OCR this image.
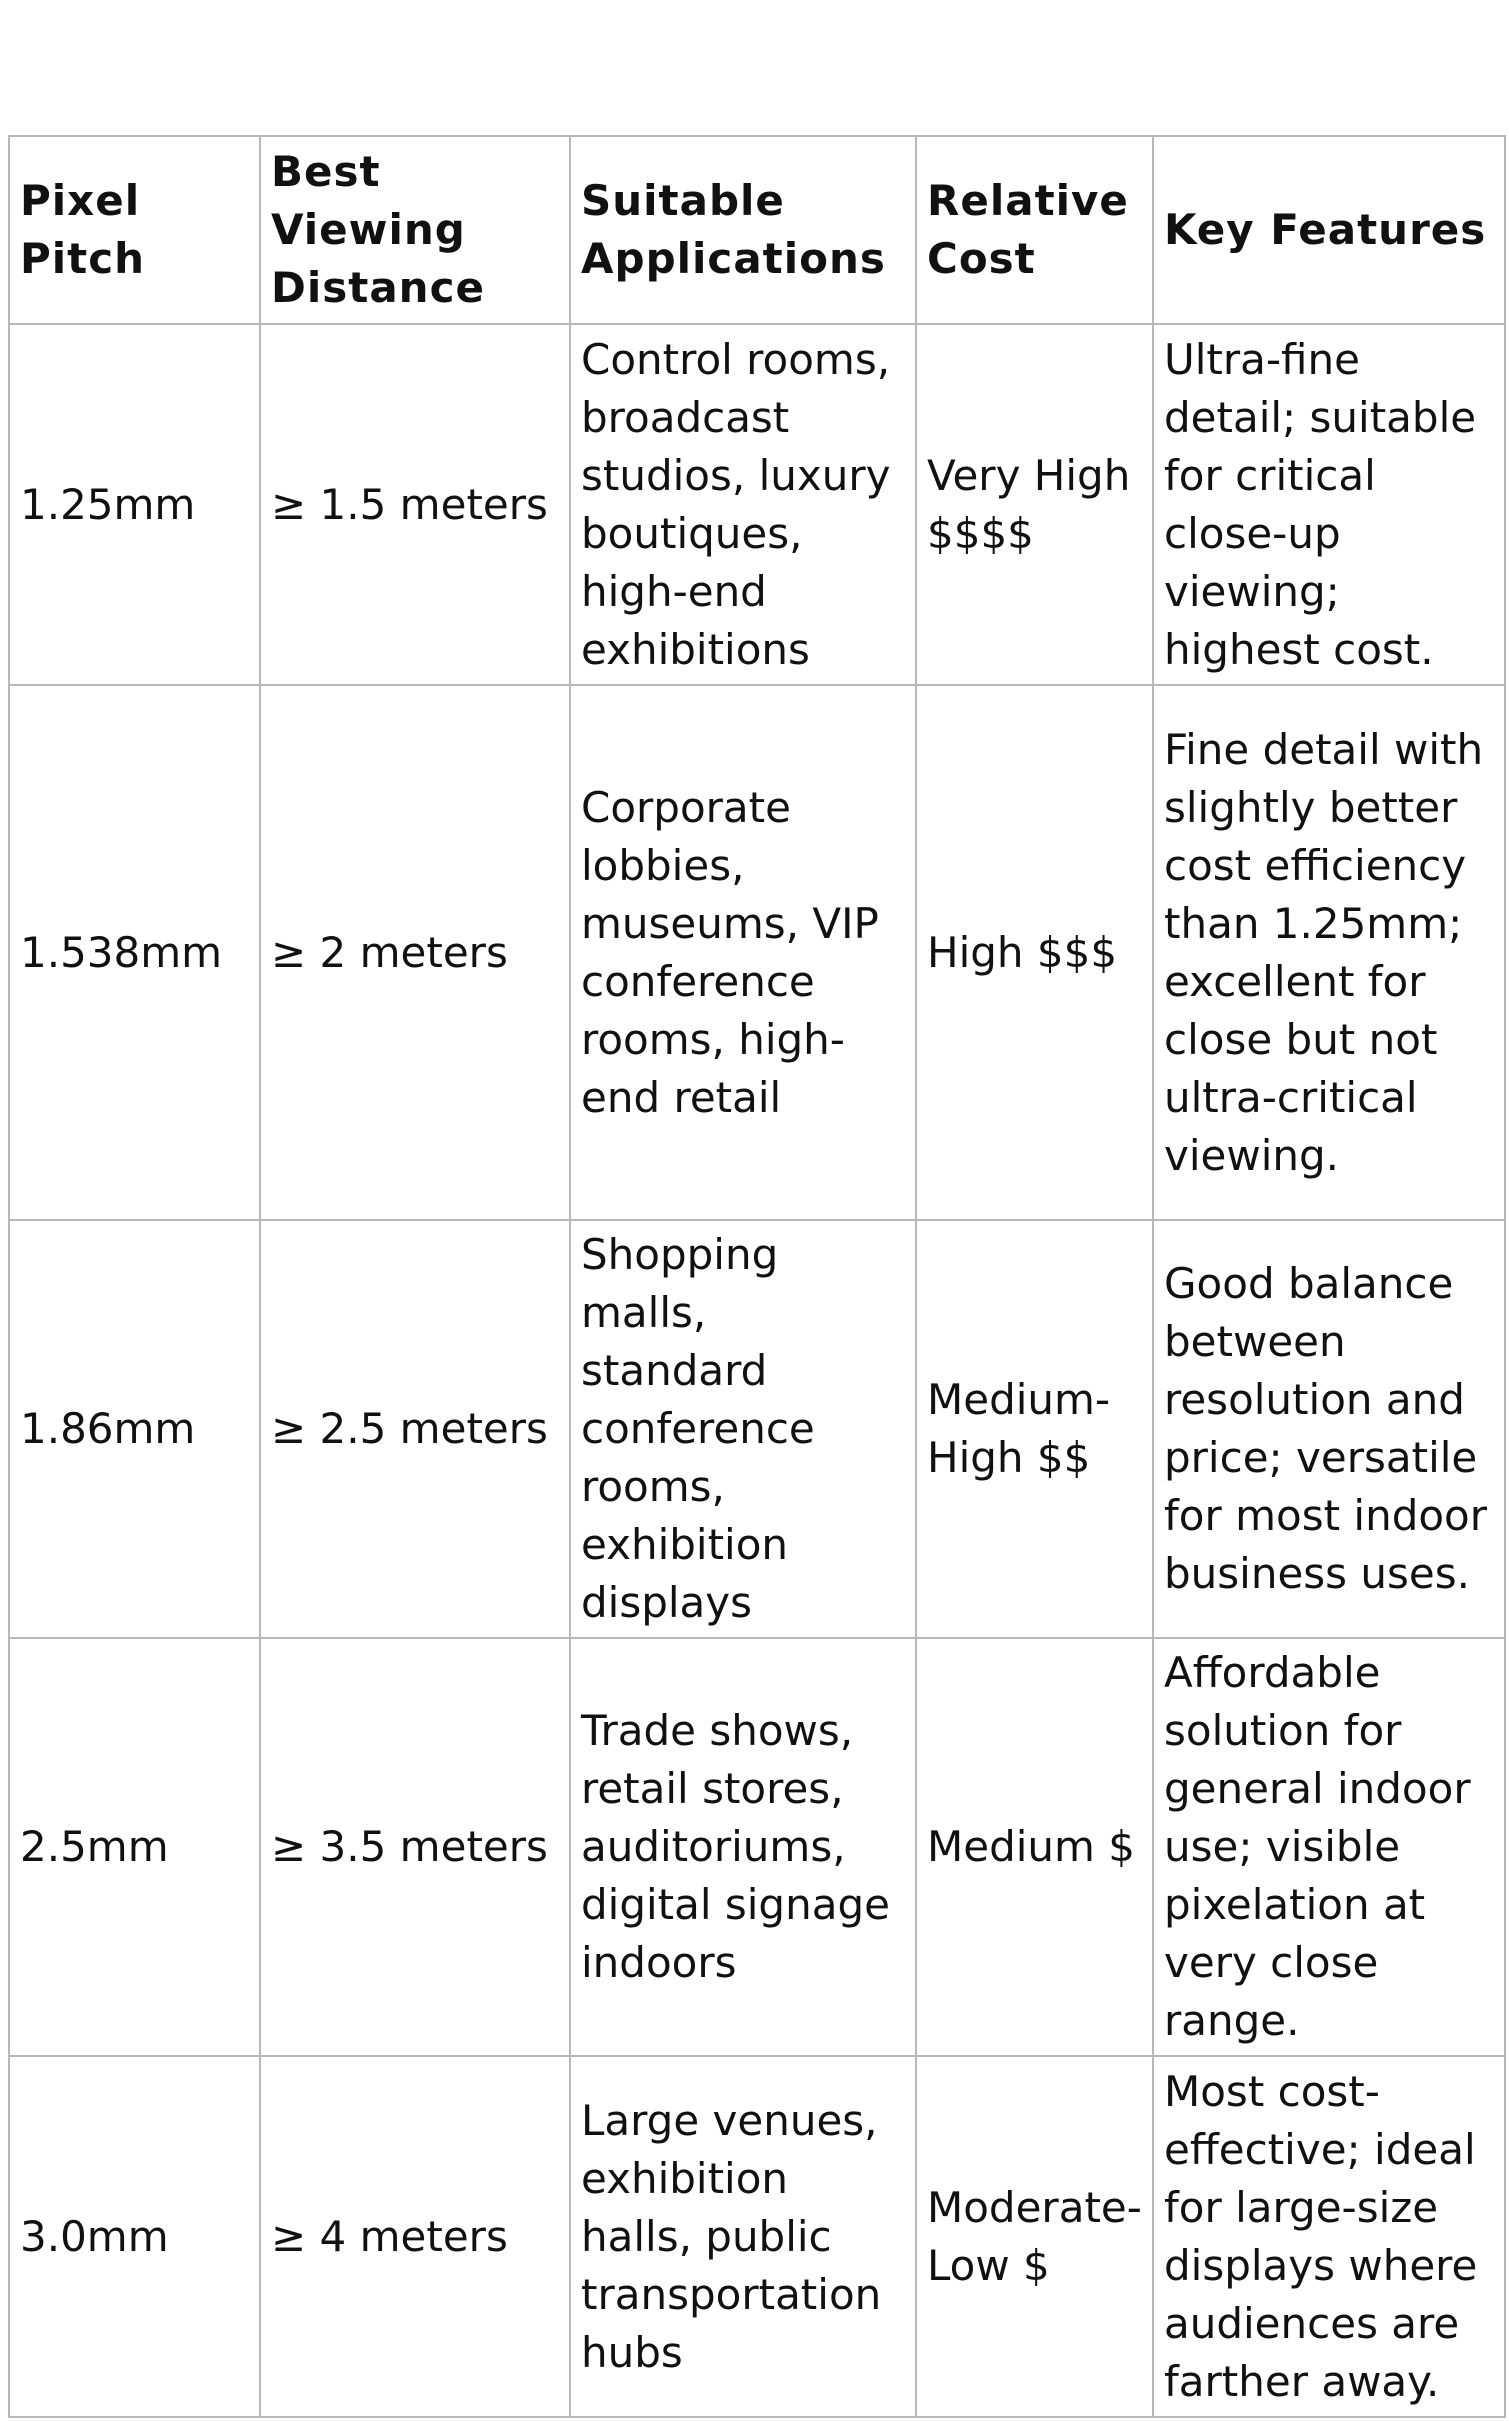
Pixel Pitch	Best Viewing Distance	Suitable Applications	Relative Cost	Key Features
1.25mm	≥ 1.5 meters	Control rooms, broadcast studios, luxury boutiques, high-end exhibitions	Very High $$$$	Ultra-fine detail; suitable for critical close-up viewing; highest cost.
1.538mm	≥ 2 meters	Corporate lobbies, museums, VIP conference rooms, high-end retail	High $$$	Fine detail with slightly better cost efficiency than 1.25mm; excellent for close but not ultra-critical viewing.
1.86mm	≥ 2.5 meters	Shopping malls, standard conference rooms, exhibition displays	Medium-High $$	Good balance between resolution and price; versatile for most indoor business uses.
2.5mm	≥ 3.5 meters	Trade shows, retail stores, auditoriums, digital signage indoors	Medium $	Affordable solution for general indoor use; visible pixelation at very close range.
3.0mm	≥ 4 meters	Large venues, exhibition halls, public transportation hubs	Moderate-Low $	Most cost-effective; ideal for large-size displays where audiences are farther away.
